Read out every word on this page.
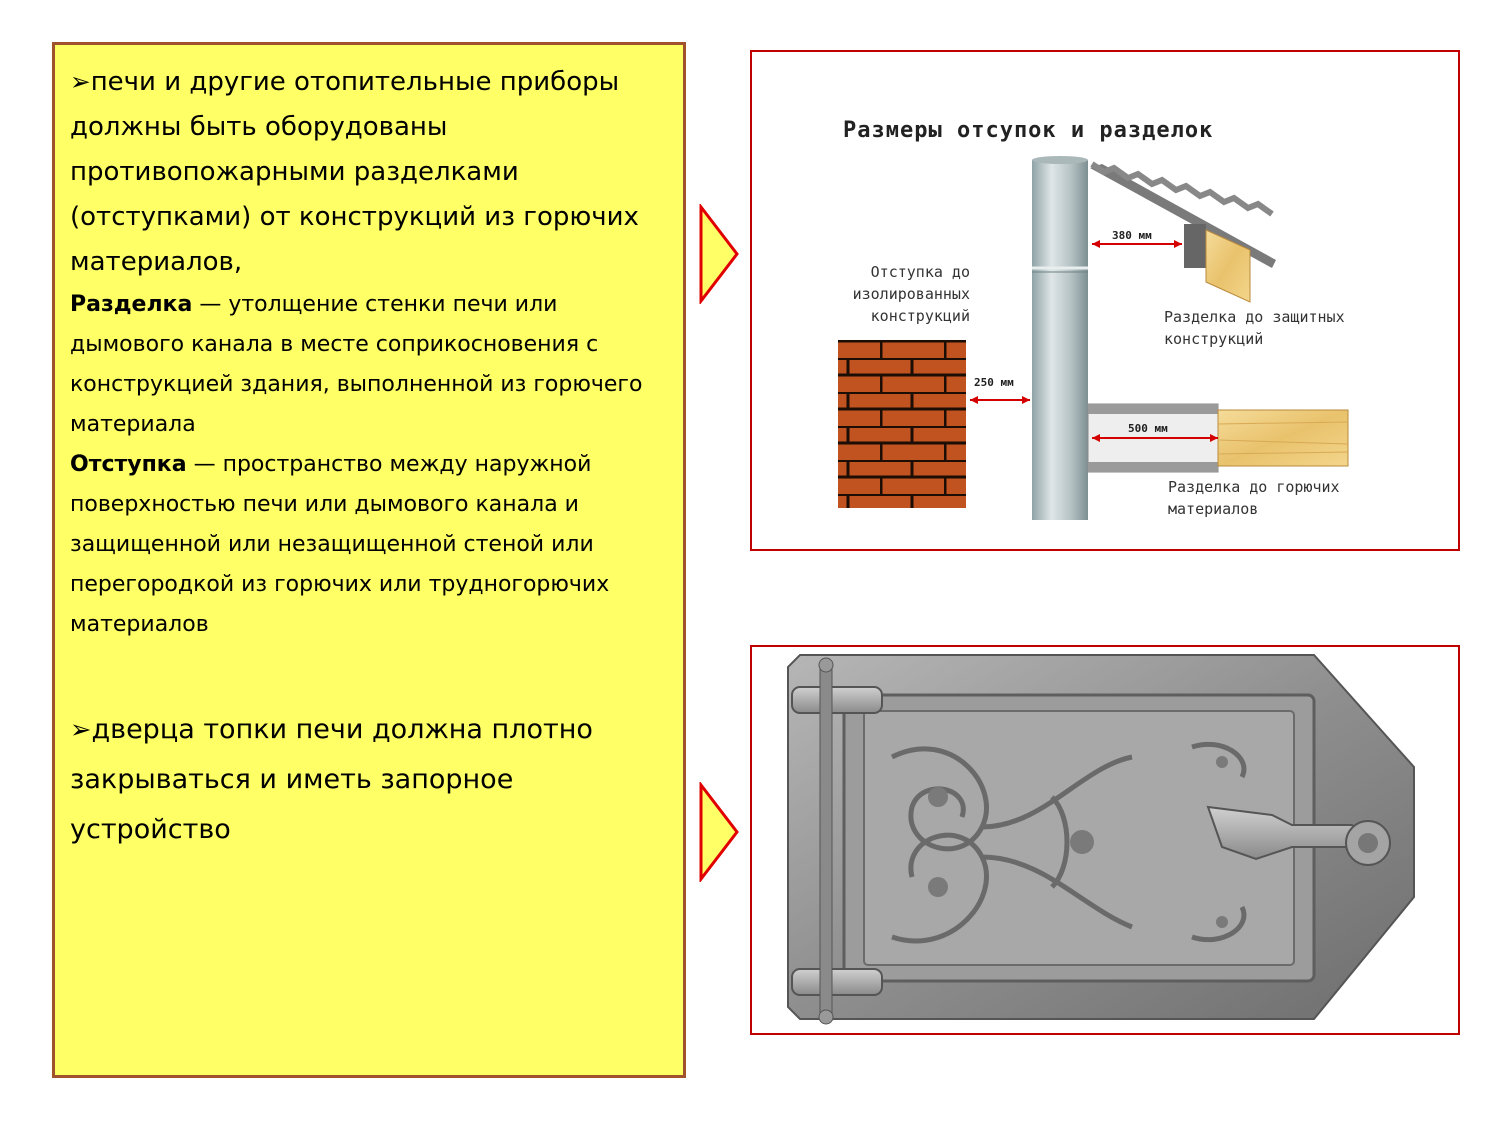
➢печи и другие отопительные приборы должны быть оборудованы противопожарными разделками (отступками) от конструкций из горючих материалов,

Разделка — утолщение стенки печи или дымового канала в месте соприкосновения с конструкцией здания, выполненной из горючего материала

Отступка — пространство между наружной поверхностью печи или дымового канала и защищенной или незащищенной стеной или перегородкой из горючих или трудногорючих материалов

➢дверца топки печи должна плотно закрываться и иметь запорное устройство

Размеры отсупок и разделок
380 мм
250 мм
500 мм
Отступка до
изолированных
конструкций	Разделка до защитных
конструкций
Разделка до горючих
материалов
